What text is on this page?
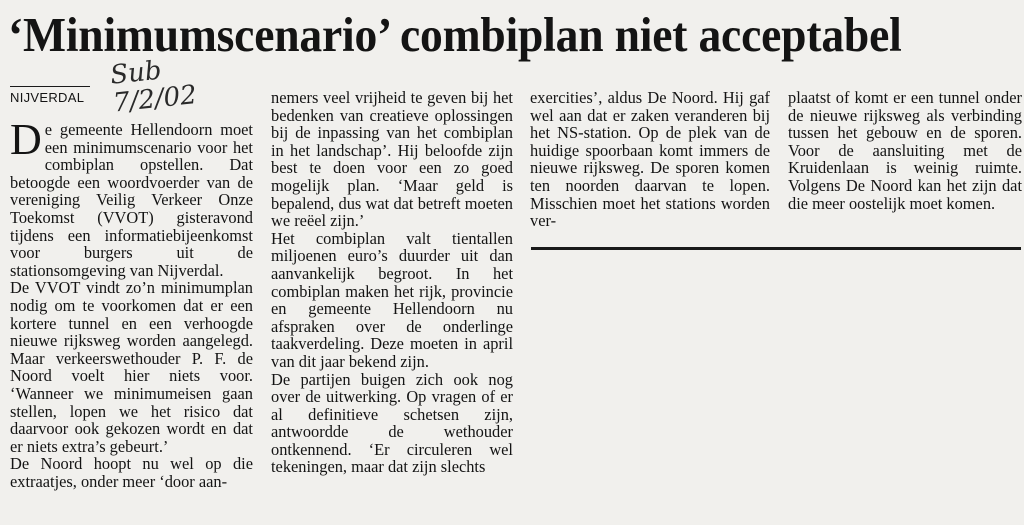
‘Minimumscenario’ combiplan niet acceptabel
NIJVERDAL
Sub
7/2/02

De gemeente Hellendoorn moet een minimumscenario voor het combiplan opstellen. Dat betoogde een woordvoerder van de vereniging Veilig Verkeer Onze Toekomst (VVOT) gisteravond tijdens een informatiebijeenkomst voor burgers uit de stationsomgeving van Nijverdal.

De VVOT vindt zo’n minimumplan nodig om te voorkomen dat er een kortere tunnel en een verhoogde nieuwe rijksweg worden aangelegd. Maar verkeerswethouder P. F. de Noord voelt hier niets voor. ‘Wanneer we minimumeisen gaan stellen, lopen we het risico dat daarvoor ook gekozen wordt en dat er niets extra’s gebeurt.’

De Noord hoopt nu wel op die extraatjes, onder meer ‘door aan-

nemers veel vrijheid te geven bij het bedenken van creatieve oplossingen bij de inpassing van het combiplan in het landschap’. Hij beloofde zijn best te doen voor een zo goed mogelijk plan. ‘Maar geld is bepalend, dus wat dat betreft moeten we reëel zijn.’

Het combiplan valt tientallen miljoenen euro’s duurder uit dan aanvankelijk begroot. In het combiplan maken het rijk, provincie en gemeente Hellendoorn nu afspraken over de onderlinge taakverdeling. Deze moeten in april van dit jaar bekend zijn.

De partijen buigen zich ook nog over de uitwerking. Op vragen of er al definitieve schetsen zijn, antwoordde de wethouder ontkennend. ‘Er circuleren wel tekeningen, maar dat zijn slechts

exercities’, aldus De Noord. Hij gaf wel aan dat er zaken veranderen bij het NS-station. Op de plek van de huidige spoorbaan komt immers de nieuwe rijksweg. De sporen komen ten noorden daarvan te lopen. Misschien moet het stations worden ver-

plaatst of komt er een tunnel onder de nieuwe rijksweg als verbinding tussen het gebouw en de sporen. Voor de aansluiting met de Kruidenlaan is weinig ruimte. Volgens De Noord kan het zijn dat die meer oostelijk moet komen.
